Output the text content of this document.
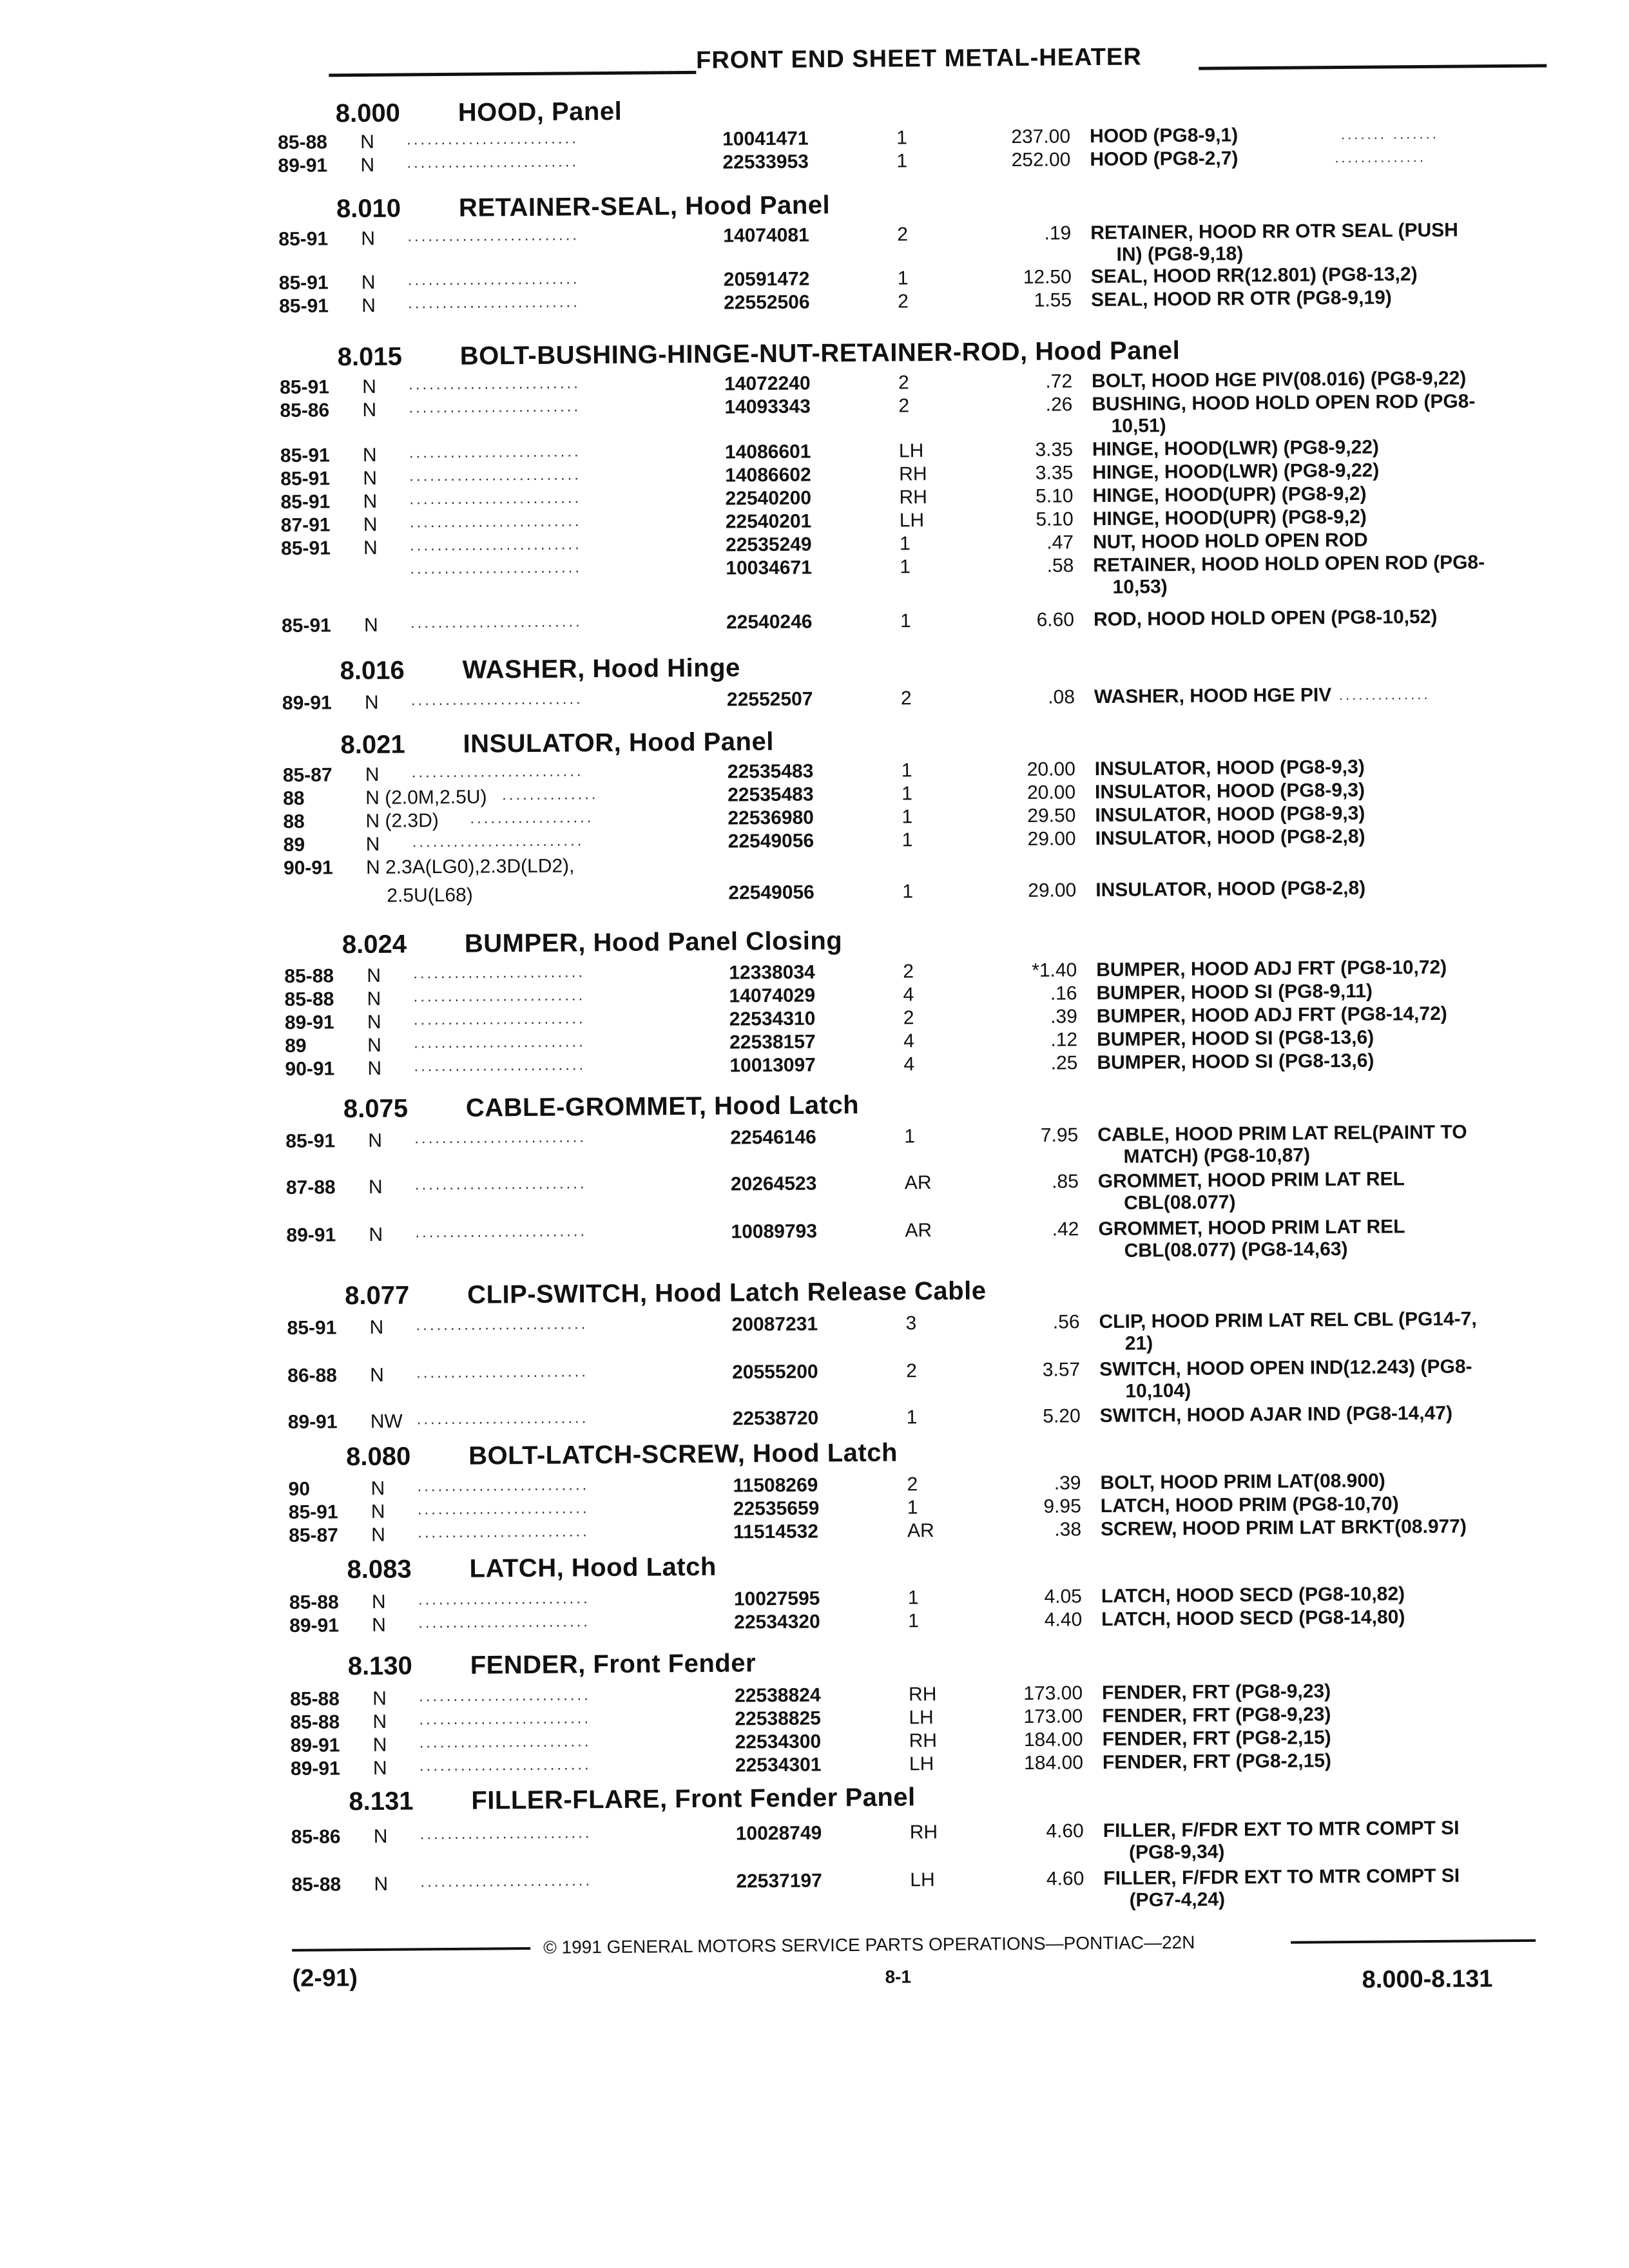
FRONT END SHEET METAL-HEATER
8.000 HOOD, Panel
8.010 RETAINER-SEAL, Hood Panel
8.015 BOLT-BUSHING-HINGE-NUT-RETAINER-ROD, Hood Panel
8.016 WASHER, Hood Hinge
8.021 INSULATOR, Hood Panel
8.024 BUMPER, Hood Panel Closing
8.075 CABLE-GROMMET, Hood Latch
8.077 CLIP-SWITCH, Hood Latch Release Cable
8.080 BOLT-LATCH-SCREW, Hood Latch
8.083 LATCH, Hood Latch
8.130 FENDER, Front Fender
8.131 FILLER-FLARE, Front Fender Panel
85-88 N .........................	10041471	1	237.00 HOOD (PG8-9,1)	....... .......
89-91 N .........................	22533953	1	252.00 HOOD (PG8-2,7)	..............
85-91 N .........................	14074081	2	.19 RETAINER, HOOD RR OTR SEAL (PUSH
IN) (PG8-9,18)
85-91 N .........................	20591472	1	12.50 SEAL, HOOD RR(12.801) (PG8-13,2)
85-91 N .........................	22552506	2	1.55 SEAL, HOOD RR OTR (PG8-9,19)
85-91 N .........................	14072240	2	.72 BOLT, HOOD HGE PIV(08.016) (PG8-9,22)
85-86 N .........................	14093343	2	.26 BUSHING, HOOD HOLD OPEN ROD (PG8-
10,51)
85-91 N .........................	14086601	LH	3.35 HINGE, HOOD(LWR) (PG8-9,22)
85-91 N .........................	14086602	RH	3.35 HINGE, HOOD(LWR) (PG8-9,22)
85-91 N .........................	22540200	RH	5.10 HINGE, HOOD(UPR) (PG8-9,2)
87-91 N .........................	22540201	LH	5.10 HINGE, HOOD(UPR) (PG8-9,2)
85-91 N .........................	22535249	1	.47 NUT, HOOD HOLD OPEN ROD
.........................	10034671	1	.58 RETAINER, HOOD HOLD OPEN ROD (PG8-
10,53)
85-91 N .........................	22540246	1	6.60 ROD, HOOD HOLD OPEN (PG8-10,52)
89-91 N .........................	22552507	2	.08 WASHER, HOOD HGE PIV ..............
85-87 N .........................	22535483	1	20.00 INSULATOR, HOOD (PG8-9,3)
88	N (2.0M,2.5U) ..............	22535483	1	20.00 INSULATOR, HOOD (PG8-9,3)
88	N (2.3D) ..................	22536980	1	29.50 INSULATOR, HOOD (PG8-9,3)
89	N .........................	22549056	1	29.00 INSULATOR, HOOD (PG8-2,8)
90-91 N 2.3A(LG0),2.3D(LD2),
2.5U(L68)	22549056	1	29.00 INSULATOR, HOOD (PG8-2,8)
85-88 N .........................	12338034	2	*1.40 BUMPER, HOOD ADJ FRT (PG8-10,72)
85-88 N .........................	14074029	4	.16 BUMPER, HOOD SI (PG8-9,11)
89-91 N .........................	22534310	2	.39 BUMPER, HOOD ADJ FRT (PG8-14,72)
89	N .........................	22538157	4	.12 BUMPER, HOOD SI (PG8-13,6)
90-91 N .........................	10013097	4	.25 BUMPER, HOOD SI (PG8-13,6)
85-91 N .........................	22546146	1	7.95 CABLE, HOOD PRIM LAT REL(PAINT TO
MATCH) (PG8-10,87)
87-88 N .........................	20264523	AR	.85 GROMMET, HOOD PRIM LAT REL
CBL(08.077)
89-91 N .........................	10089793	AR	.42 GROMMET, HOOD PRIM LAT REL
CBL(08.077) (PG8-14,63)
85-91 N .........................	20087231	3	.56 CLIP, HOOD PRIM LAT REL CBL (PG14-7,
21)
86-88 N .........................	20555200	2	3.57 SWITCH, HOOD OPEN IND(12.243) (PG8-
10,104)
89-91 NW .........................	22538720	1	5.20 SWITCH, HOOD AJAR IND (PG8-14,47)
90	N .........................	11508269	2	.39 BOLT, HOOD PRIM LAT(08.900)
85-91 N .........................	22535659	1	9.95 LATCH, HOOD PRIM (PG8-10,70)
85-87 N .........................	11514532	AR	.38 SCREW, HOOD PRIM LAT BRKT(08.977)
85-88 N .........................	10027595	1	4.05 LATCH, HOOD SECD (PG8-10,82)
89-91 N .........................	22534320	1	4.40 LATCH, HOOD SECD (PG8-14,80)
85-88 N .........................	22538824	RH	173.00 FENDER, FRT (PG8-9,23)
85-88 N .........................	22538825	LH	173.00 FENDER, FRT (PG8-9,23)
89-91 N .........................	22534300	RH	184.00 FENDER, FRT (PG8-2,15)
89-91 N .........................	22534301	LH	184.00 FENDER, FRT (PG8-2,15)
85-86 N .........................	10028749	RH	4.60 FILLER, F/FDR EXT TO MTR COMPT SI
(PG8-9,34)
85-88 N .........................	22537197	LH	4.60 FILLER, F/FDR EXT TO MTR COMPT SI
(PG7-4,24)
© 1991 GENERAL MOTORS SERVICE PARTS OPERATIONS—PONTIAC—22N
(2-91)	8-1	8.000-8.131
